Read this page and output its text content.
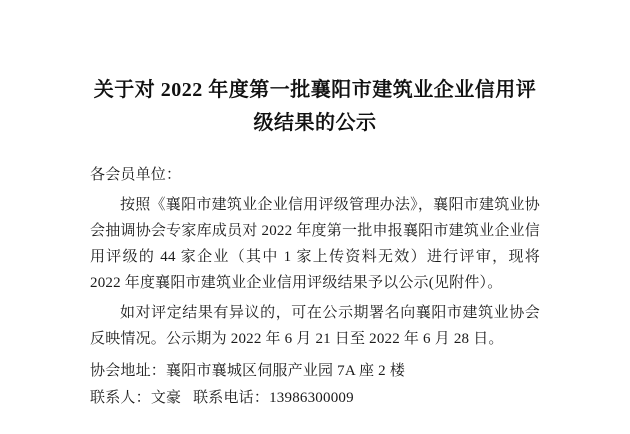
关于对 2022 年度第一批襄阳市建筑业企业信用评级结果的公示

各会员单位：

按照《襄阳市建筑业企业信用评级管理办法》，襄阳市建筑业协会抽调协会专家库成员对 2022 年度第一批申报襄阳市建筑业企业信用评级的 44 家企业（其中 1 家上传资料无效）进行评审，现将 2022 年度襄阳市建筑业企业信用评级结果予以公示(见附件）。

如对评定结果有异议的，可在公示期署名向襄阳市建筑业协会反映情况。公示期为 2022 年 6 月 21 日至 2022 年 6 月 28 日。

协会地址：襄阳市襄城区伺服产业园 7A 座 2 楼

联系人：文豪 联系电话：13986300009
